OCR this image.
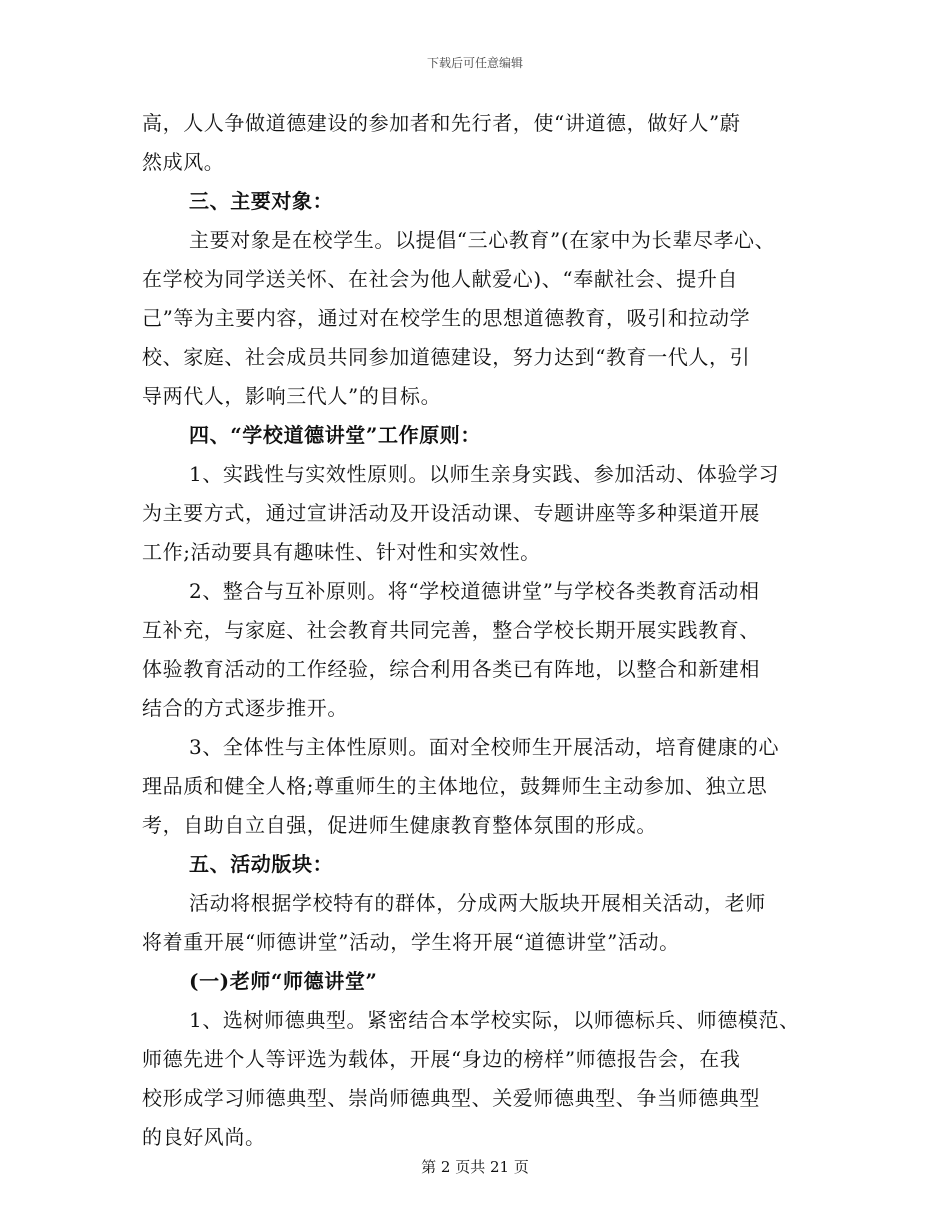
下载后可任意编辑

高，人人争做道德建设的参加者和先行者，使“讲道德，做好人”蔚

然成风。

三、主要对象：

主要对象是在校学生。以提倡“三心教育”(在家中为长辈尽孝心、

在学校为同学送关怀、在社会为他人献爱心)、“奉献社会、提升自

己”等为主要内容，通过对在校学生的思想道德教育，吸引和拉动学

校、家庭、社会成员共同参加道德建设，努力达到“教育一代人，引

导两代人，影响三代人”的目标。

四、“学校道德讲堂”工作原则：

1、实践性与实效性原则。以师生亲身实践、参加活动、体验学习

为主要方式，通过宣讲活动及开设活动课、专题讲座等多种渠道开展

工作;活动要具有趣味性、针对性和实效性。

2、整合与互补原则。将“学校道德讲堂”与学校各类教育活动相

互补充，与家庭、社会教育共同完善，整合学校长期开展实践教育、

体验教育活动的工作经验，综合利用各类已有阵地，以整合和新建相

结合的方式逐步推开。

3、全体性与主体性原则。面对全校师生开展活动，培育健康的心

理品质和健全人格;尊重师生的主体地位，鼓舞师生主动参加、独立思

考，自助自立自强，促进师生健康教育整体氛围的形成。

五、活动版块：

活动将根据学校特有的群体，分成两大版块开展相关活动，老师

将着重开展“师德讲堂”活动，学生将开展“道德讲堂”活动。

(一)老师“师德讲堂”

1、选树师德典型。紧密结合本学校实际，以师德标兵、师德模范、

师德先进个人等评选为载体，开展“身边的榜样”师德报告会，在我

校形成学习师德典型、崇尚师德典型、关爱师德典型、争当师德典型

的良好风尚。

第 2 页共 21 页
